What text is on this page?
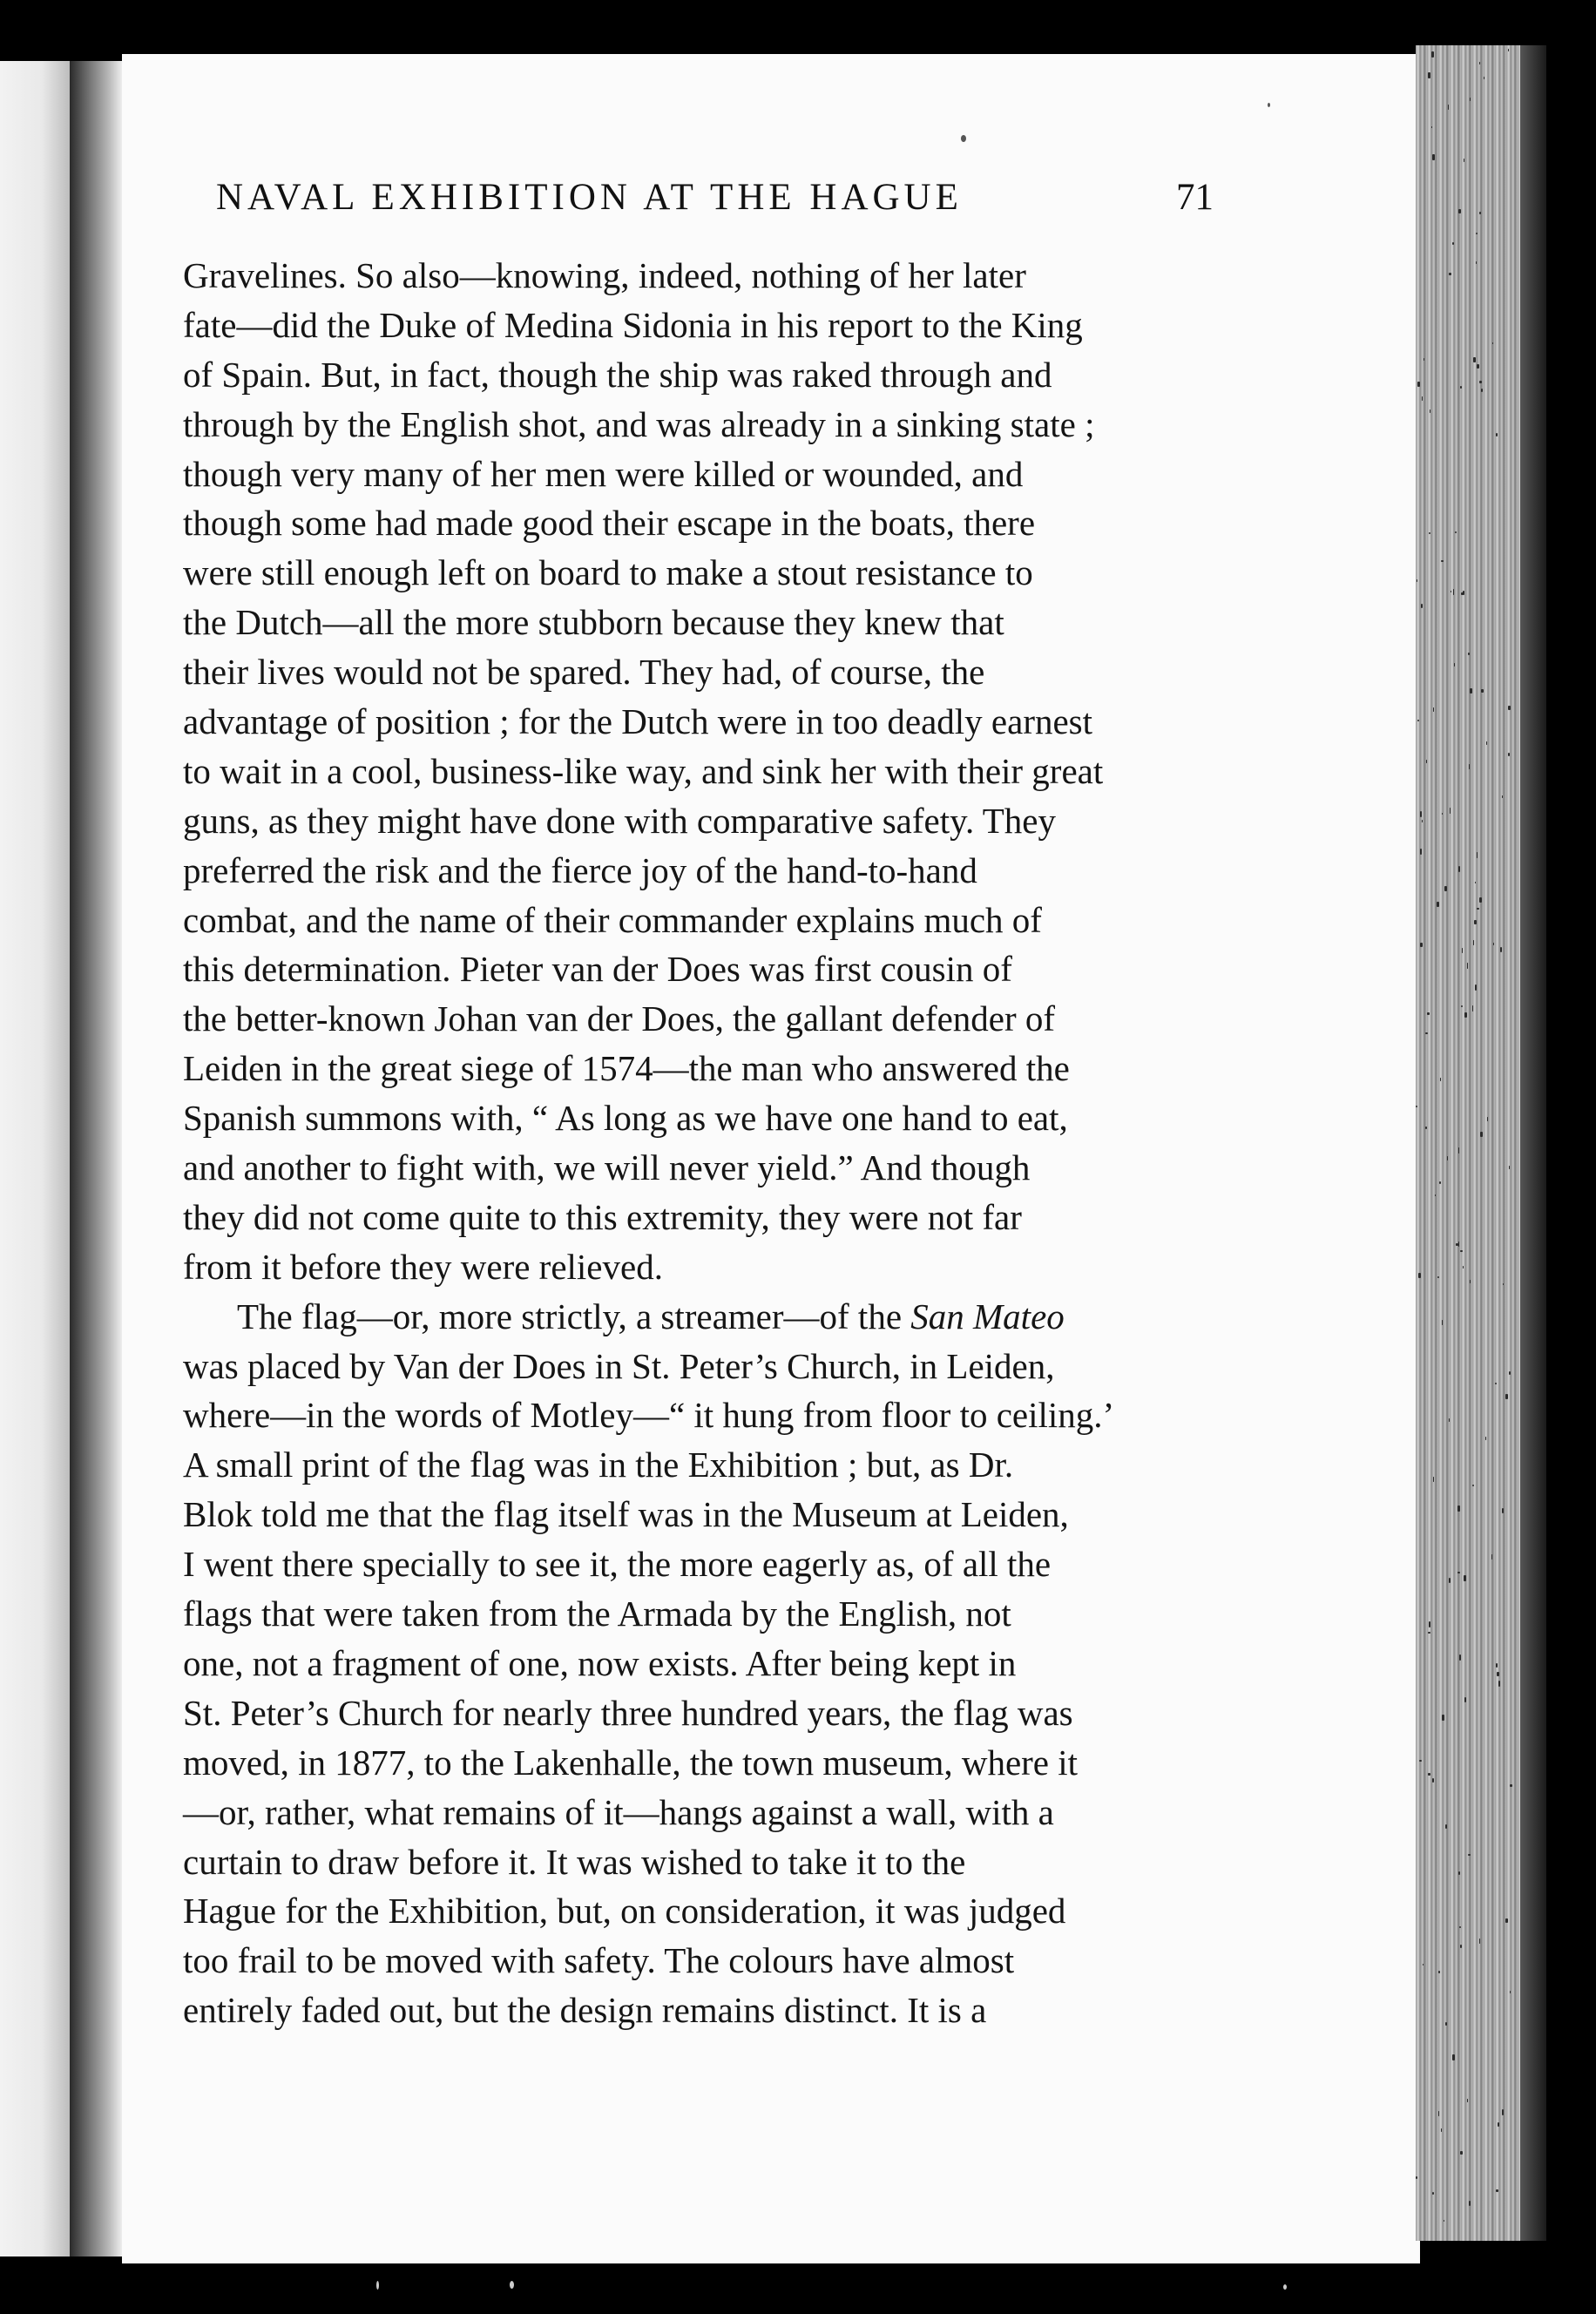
NAVAL EXHIBITION AT THE HAGUE	71
Gravelines. So also—knowing, indeed, nothing of her later
fate—did the Duke of Medina Sidonia in his report to the King
of Spain. But, in fact, though the ship was raked through and
through by the English shot, and was already in a sinking state ;
though very many of her men were killed or wounded, and
though some had made good their escape in the boats, there
were still enough left on board to make a stout resistance to
the Dutch—all the more stubborn because they knew that
their lives would not be spared. They had, of course, the
advantage of position ; for the Dutch were in too deadly earnest
to wait in a cool, business-like way, and sink her with their great
guns, as they might have done with comparative safety. They
preferred the risk and the fierce joy of the hand-to-hand
combat, and the name of their commander explains much of
this determination. Pieter van der Does was first cousin of
the better-known Johan van der Does, the gallant defender of
Leiden in the great siege of 1574—the man who answered the
Spanish summons with, “ As long as we have one hand to eat,
and another to fight with, we will never yield.” And though
they did not come quite to this extremity, they were not far
from it before they were relieved.
The flag—or, more strictly, a streamer—of the San Mateo
was placed by Van der Does in St. Peter’s Church, in Leiden,
where—in the words of Motley—“ it hung from floor to ceiling.’
A small print of the flag was in the Exhibition ; but, as Dr.
Blok told me that the flag itself was in the Museum at Leiden,
I went there specially to see it, the more eagerly as, of all the
flags that were taken from the Armada by the English, not
one, not a fragment of one, now exists. After being kept in
St. Peter’s Church for nearly three hundred years, the flag was
moved, in 1877, to the Lakenhalle, the town museum, where it
—or, rather, what remains of it—hangs against a wall, with a
curtain to draw before it. It was wished to take it to the
Hague for the Exhibition, but, on consideration, it was judged
too frail to be moved with safety. The colours have almost
entirely faded out, but the design remains distinct. It is a
